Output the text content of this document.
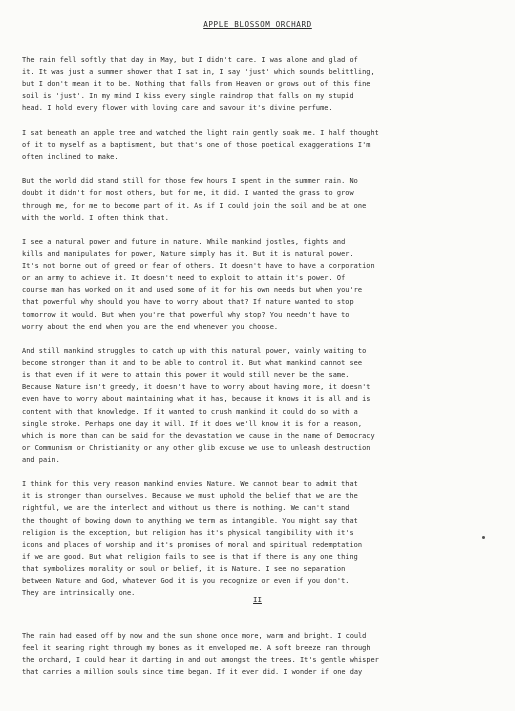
APPLE BLOSSOM ORCHARD
The rain fell softly that day in May, but I didn't care. I was alone and glad of
it. It was just a summer shower that I sat in, I say 'just' which sounds belittling,
but I don't mean it to be. Nothing that falls from Heaven or grows out of this fine
soil is 'just'. In my mind I kiss every single raindrop that falls on my stupid
head. I hold every flower with loving care and savour it's divine perfume.
I sat beneath an apple tree and watched the light rain gently soak me. I half thought
of it to myself as a baptisment, but that's one of those poetical exaggerations I'm
often inclined to make.
But the world did stand still for those few hours I spent in the summer rain. No
doubt it didn't for most others, but for me, it did. I wanted the grass to grow
through me, for me to become part of it. As if I could join the soil and be at one
with the world. I often think that.
I see a natural power and future in nature. While mankind jostles, fights and
kills and manipulates for power, Nature simply has it. But it is natural power.
It's not borne out of greed or fear of others. It doesn't have to have a corporation
or an army to achieve it. It doesn't need to exploit to attain it's power. Of
course man has worked on it and used some of it for his own needs but when you're
that powerful why should you have to worry about that? If nature wanted to stop
tomorrow it would. But when you're that powerful why stop? You needn't have to
worry about the end when you are the end whenever you choose.
And still mankind struggles to catch up with this natural power, vainly waiting to
become stronger than it and to be able to control it. But what mankind cannot see
is that even if it were to attain this power it would still never be the same.
Because Nature isn't greedy, it doesn't have to worry about having more, it doesn't
even have to worry about maintaining what it has, because it knows it is all and is
content with that knowledge. If it wanted to crush mankind it could do so with a
single stroke. Perhaps one day it will. If it does we'll know it is for a reason,
which is more than can be said for the devastation we cause in the name of Democracy
or Communism or Christianity or any other glib excuse we use to unleash destruction
and pain.
I think for this very reason mankind envies Nature. We cannot bear to admit that
it is stronger than ourselves. Because we must uphold the belief that we are the
rightful, we are the interlect and without us there is nothing. We can't stand
the thought of bowing down to anything we term as intangible. You might say that
religion is the exception, but religion has it's physical tangibility with it's
icons and places of worship and it's promises of moral and spiritual redemptation
if we are good. But what religion fails to see is that if there is any one thing
that symbolizes morality or soul or belief, it is Nature. I see no separation
between Nature and God, whatever God it is you recognize or even if you don't.
They are intrinsically one.
II
The rain had eased off by now and the sun shone once more, warm and bright. I could
feel it searing right through my bones as it enveloped me. A soft breeze ran through
the orchard, I could hear it darting in and out amongst the trees. It's gentle whisper
that carries a million souls since time began. If it ever did. I wonder if one day
